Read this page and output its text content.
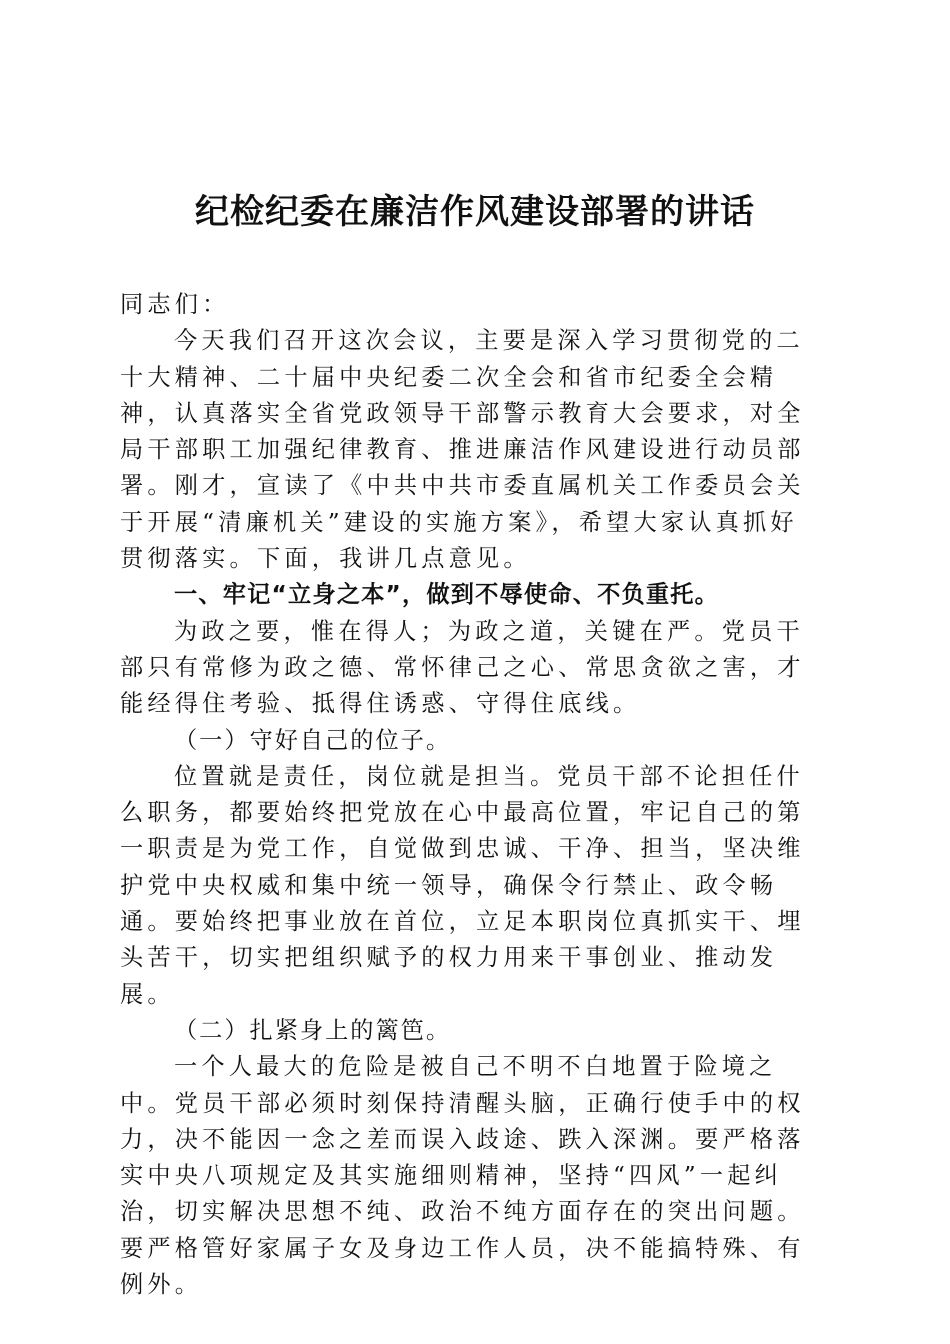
纪检纪委在廉洁作风建设部署的讲话

同志们：

今天我们召开这次会议，主要是深入学习贯彻党的二十大精神、二十届中央纪委二次全会和省市纪委全会精神，认真落实全省党政领导干部警示教育大会要求，对全局干部职工加强纪律教育、推进廉洁作风建设进行动员部署。刚才，宣读了《中共中共市委直属机关工作委员会关于开展“清廉机关”建设的实施方案》，希望大家认真抓好贯彻落实。下面，我讲几点意见。

一、牢记“立身之本”，做到不辱使命、不负重托。

为政之要，惟在得人；为政之道，关键在严。党员干部只有常修为政之德、常怀律己之心、常思贪欲之害，才能经得住考验、抵得住诱惑、守得住底线。

（一）守好自己的位子。

位置就是责任，岗位就是担当。党员干部不论担任什么职务，都要始终把党放在心中最高位置，牢记自己的第一职责是为党工作，自觉做到忠诚、干净、担当，坚决维护党中央权威和集中统一领导，确保令行禁止、政令畅通。要始终把事业放在首位，立足本职岗位真抓实干、埋头苦干，切实把组织赋予的权力用来干事创业、推动发展。

（二）扎紧身上的篱笆。

一个人最大的危险是被自己不明不白地置于险境之中。党员干部必须时刻保持清醒头脑，正确行使手中的权力，决不能因一念之差而误入歧途、跌入深渊。要严格落实中央八项规定及其实施细则精神，坚持“四风”一起纠治，切实解决思想不纯、政治不纯方面存在的突出问题。要严格管好家属子女及身边工作人员，决不能搞特殊、有例外。
